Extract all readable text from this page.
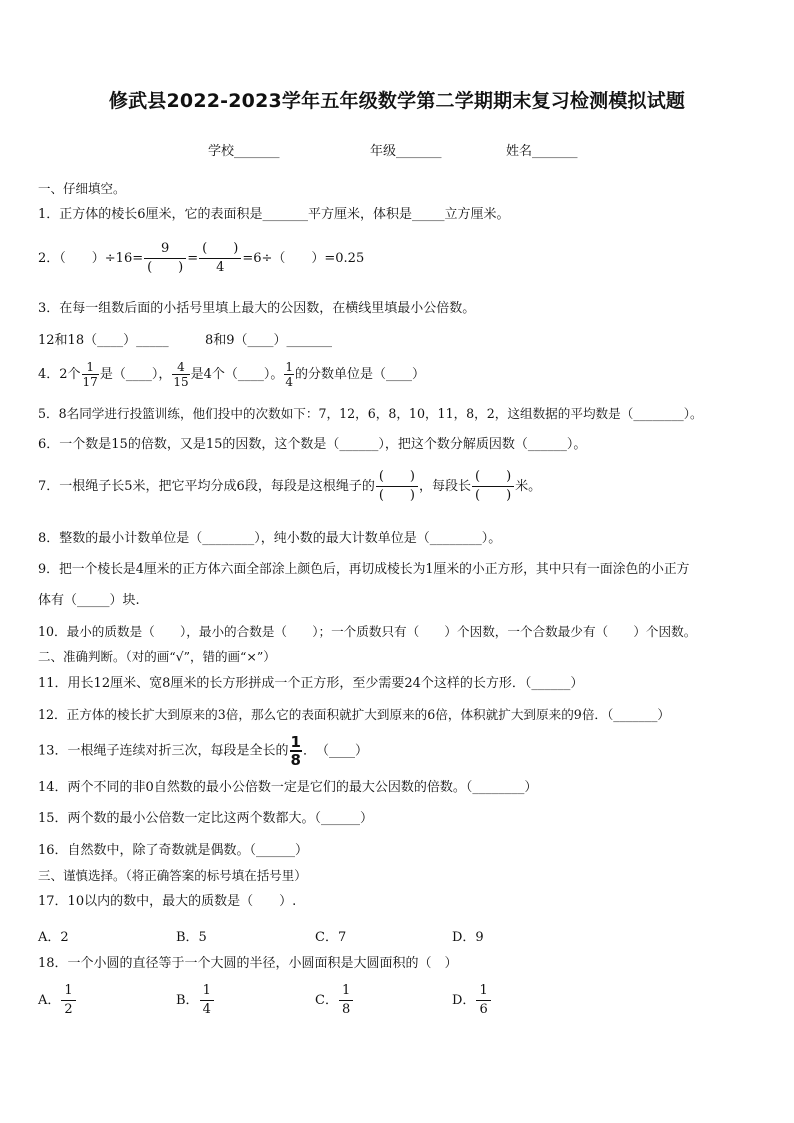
修武县2022-2023学年五年级数学第二学期期末复习检测模拟试题
学校_______	年级_______	姓名_______
一、仔细填空。
1．正方体的棱长6厘米，它的表面积是_______平方厘米，体积是_____立方厘米。
2．（　　）$\div 16= \frac{9}{( )} = \frac{( )}{4} =6\div$（　　）=0.25
3．在每一组数后面的小括号里填上最大的公因数，在横线里填最小公倍数。
12和18（____）_____	8和9（____）_______
4．2个 $\frac{1}{17}$ 是（____）， $\frac{4}{15}$ 是4个（____）。 $\frac{1}{4}$ 的分数单位是（____）
5．8名同学进行投篮训练，他们投中的次数如下：7，12，6，8，10，11，8，2，这组数据的平均数是（________）。
6．一个数是15的倍数，又是15的因数，这个数是（______），把这个数分解质因数（______）。
7．一根绳子长5米，把它平均分成6段，每段是这根绳子的 $\frac{( )}{( )}$ ，每段长 $\frac{( )}{( )}$ 米。
8．整数的最小计数单位是（________），纯小数的最大计数单位是（________）。
9．把一个棱长是4厘米的正方体六面全部涂上颜色后，再切成棱长为1厘米的小正方形，其中只有一面涂色的小正方
体有（_____）块.
10．最小的质数是（　　），最小的合数是（　　）；一个质数只有（　　）个因数，一个合数最少有（　　）个因数。
二、准确判断。（对的画“√”，错的画“×”）
11．用长12厘米、宽8厘米的长方形拼成一个正方形，至少需要24个这样的长方形．（______）
12．正方体的棱长扩大到原来的3倍，那么它的表面积就扩大到原来的6倍，体积就扩大到原来的9倍．（_______）
13．一根绳子连续对折三次，每段是全长的 $\frac{1}{8}$ ．　（____）
14．两个不同的非0自然数的最小公倍数一定是它们的最大公因数的倍数。（________）
15．两个数的最小公倍数一定比这两个数都大。（______）
16．自然数中，除了奇数就是偶数。（______）
三、谨慎选择。（将正确答案的标号填在括号里）
17．10以内的数中，最大的质数是（　　）.
A．2	B．5	C．7	D．9
18．一个小圆的直径等于一个大圆的半径，小圆面积是大圆面积的（　）
A． $\frac{1}{2}$	B． $\frac{1}{4}$	C． $\frac{1}{8}$	D． $\frac{1}{6}$
